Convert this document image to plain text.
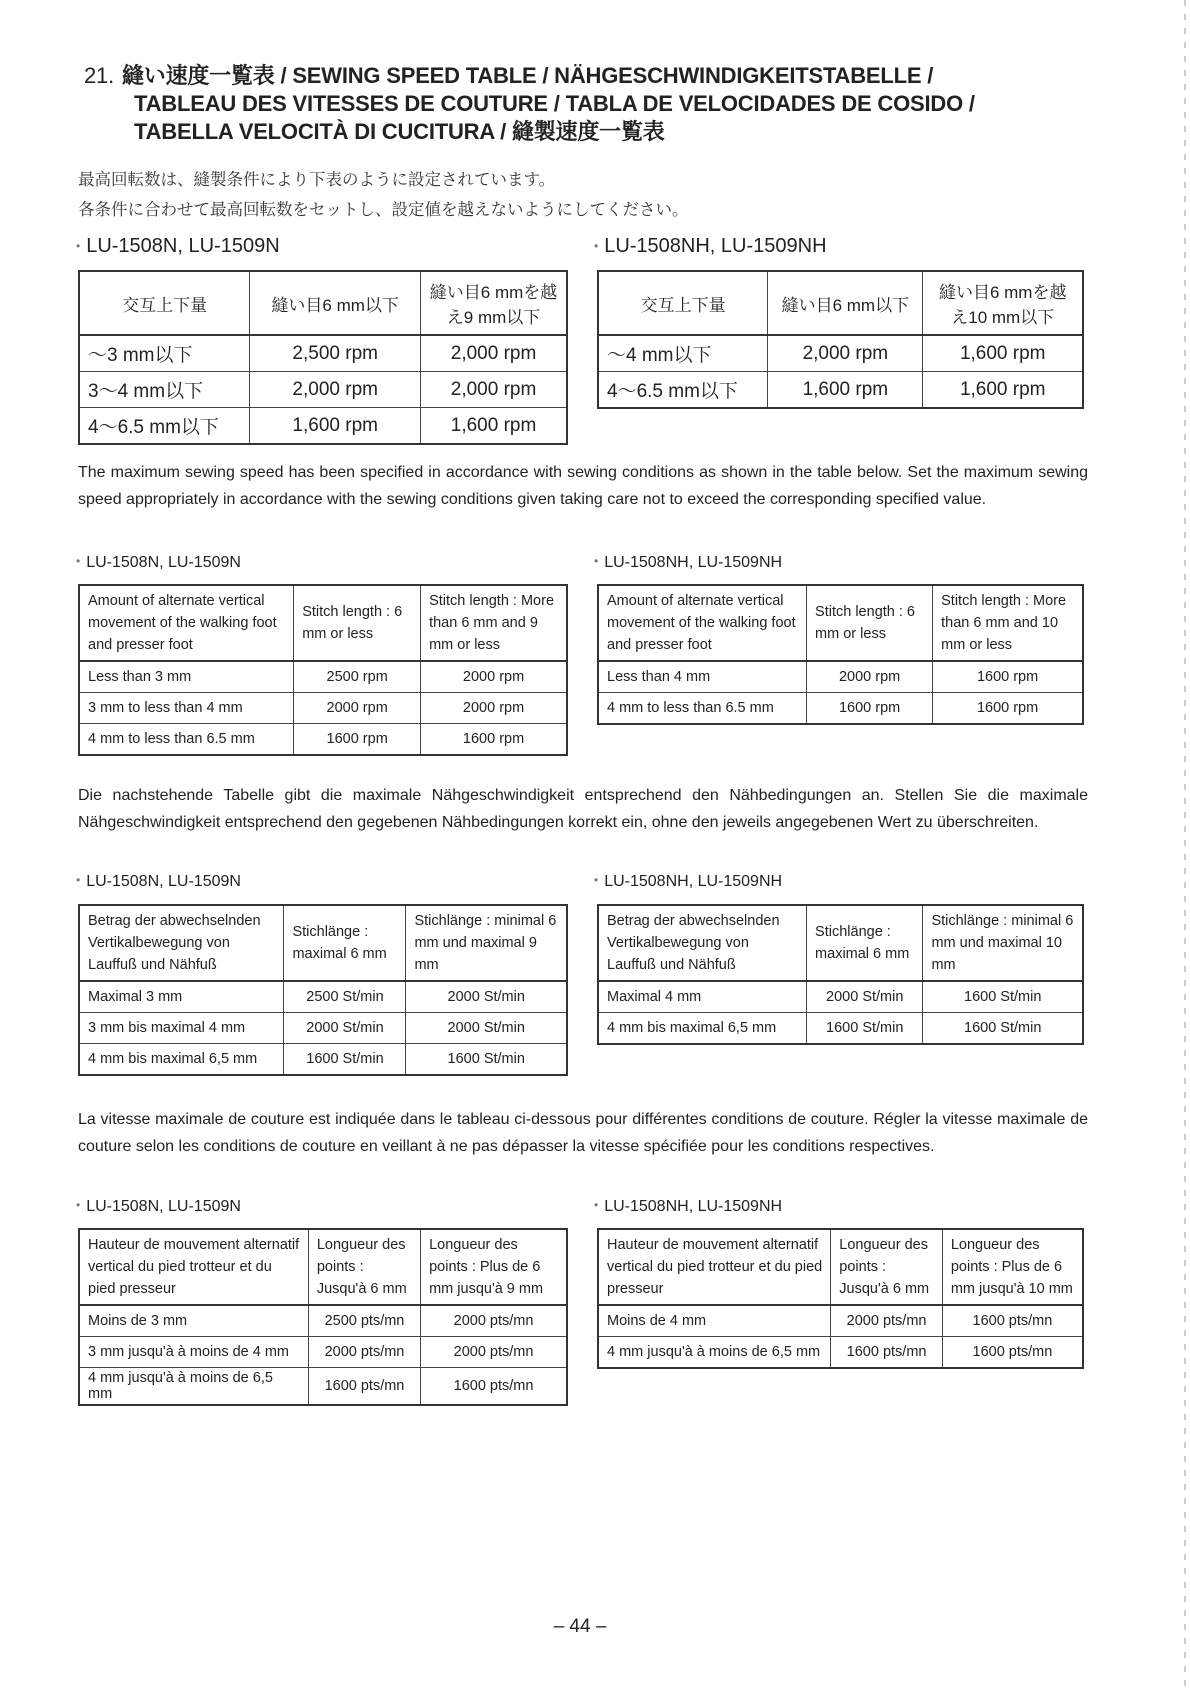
21. 縫い速度一覧表 / SEWING SPEED TABLE / NÄHGESCHWINDIGKEITSTABELLE /
TABLEAU DES VITESSES DE COUTURE / TABLA DE VELOCIDADES DE COSIDO /
TABELLA VELOCITÀ DI CUCITURA / 縫製速度一覧表
最高回転数は、縫製条件により下表のように設定されています。
各条件に合わせて最高回転数をセットし、設定値を越えないようにしてください。
• LU-1508N, LU-1509N	• LU-1508NH, LU-1509NH
交互上下量	縫い目6 mm以下	縫い目6 mmを越え9 mm以下
～3 mm以下	2,500 rpm	2,000 rpm
3～4 mm以下	2,000 rpm	2,000 rpm
4～6.5 mm以下	1,600 rpm	1,600 rpm
交互上下量	縫い目6 mm以下	縫い目6 mmを越え10 mm以下
～4 mm以下	2,000 rpm	1,600 rpm
4～6.5 mm以下	1,600 rpm	1,600 rpm
The maximum sewing speed has been specified in accordance with sewing conditions as shown in the table below. Set the maximum sewing speed appropriately in accordance with the sewing conditions given taking care not to exceed the corresponding specified value.
• LU-1508N, LU-1509N	• LU-1508NH, LU-1509NH
Amount of alternate vertical movement of the walking foot and presser foot	Stitch length : 6 mm or less	Stitch length : More than 6 mm and 9 mm or less
Less than 3 mm	2500 rpm	2000 rpm
3 mm to less than 4 mm	2000 rpm	2000 rpm
4 mm to less than 6.5 mm	1600 rpm	1600 rpm
Amount of alternate vertical movement of the walking foot and presser foot	Stitch length : 6 mm or less	Stitch length : More than 6 mm and 10 mm or less
Less than 4 mm	2000 rpm	1600 rpm
4 mm to less than 6.5 mm	1600 rpm	1600 rpm
Die nachstehende Tabelle gibt die maximale Nähgeschwindigkeit entsprechend den Nähbedingungen an. Stellen Sie die maximale Nähgeschwindigkeit entsprechend den gegebenen Nähbedingungen korrekt ein, ohne den jeweils angegebenen Wert zu überschreiten.
• LU-1508N, LU-1509N	• LU-1508NH, LU-1509NH
Betrag der abwechselnden Vertikalbewegung von Lauffuß und Nähfuß	Stichlänge : maximal 6 mm	Stichlänge : minimal 6 mm und maximal 9 mm
Maximal 3 mm	2500 St/min	2000 St/min
3 mm bis maximal 4 mm	2000 St/min	2000 St/min
4 mm bis maximal 6,5 mm	1600 St/min	1600 St/min
Betrag der abwechselnden Vertikalbewegung von Lauffuß und Nähfuß	Stichlänge : maximal 6 mm	Stichlänge : minimal 6 mm und maximal 10 mm
Maximal 4 mm	2000 St/min	1600 St/min
4 mm bis maximal 6,5 mm	1600 St/min	1600 St/min
La vitesse maximale de couture est indiquée dans le tableau ci-dessous pour différentes conditions de couture. Régler la vitesse maximale de couture selon les conditions de couture en veillant à ne pas dépasser la vitesse spécifiée pour les conditions respectives.
• LU-1508N, LU-1509N	• LU-1508NH, LU-1509NH
Hauteur de mouvement alternatif vertical du pied trotteur et du pied presseur	Longueur des points : Jusqu'à 6 mm	Longueur des points : Plus de 6 mm jusqu'à 9 mm
Moins de 3 mm	2500 pts/mn	2000 pts/mn
3 mm jusqu'à à moins de 4 mm	2000 pts/mn	2000 pts/mn
4 mm jusqu'à à moins de 6,5 mm	1600 pts/mn	1600 pts/mn
Hauteur de mouvement alternatif vertical du pied trotteur et du pied presseur	Longueur des points : Jusqu'à 6 mm	Longueur des points : Plus de 6 mm jusqu'à 10 mm
Moins de 4 mm	2000 pts/mn	1600 pts/mn
4 mm jusqu'à à moins de 6,5 mm	1600 pts/mn	1600 pts/mn
– 44 –
